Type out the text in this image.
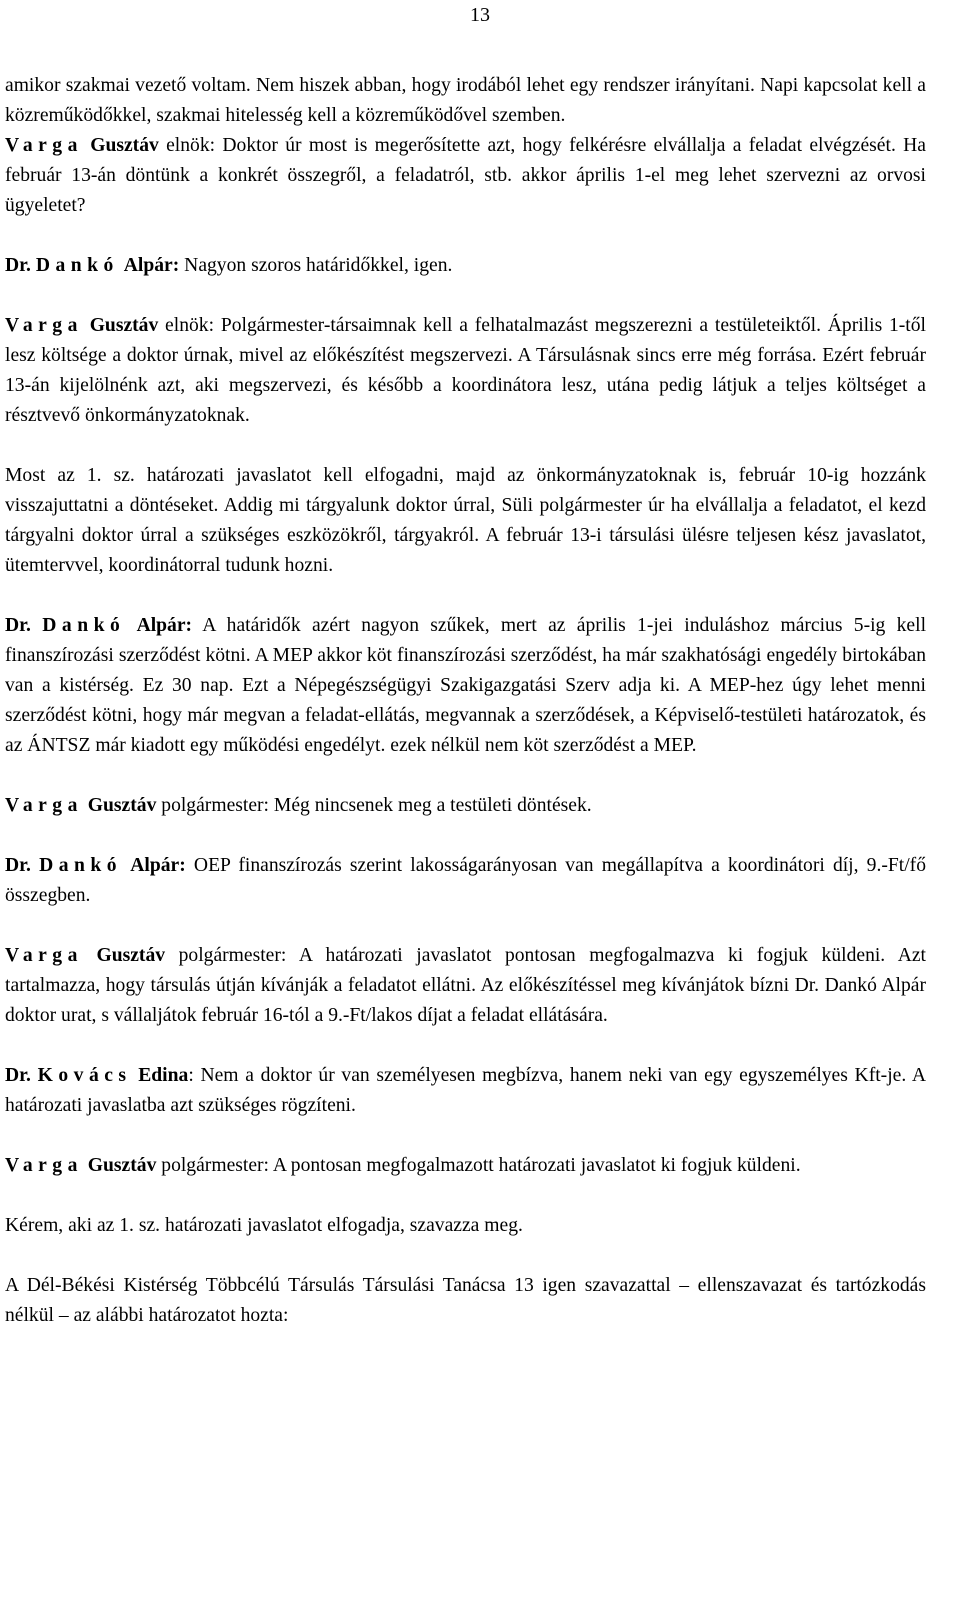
13

amikor szakmai vezető voltam. Nem hiszek abban, hogy irodából lehet egy rendszer irányítani. Napi kapcsolat kell a közreműködőkkel, szakmai hitelesség kell a közreműködővel szemben.

Varga Gusztáv elnök: Doktor úr most is megerősítette azt, hogy felkérésre elvállalja a feladat elvégzését. Ha február 13-án döntünk a konkrét összegről, a feladatról, stb. akkor április 1-el meg lehet szervezni az orvosi ügyeletet?

Dr. Dankó Alpár: Nagyon szoros határidőkkel, igen.

Varga Gusztáv elnök: Polgármester-társaimnak kell a felhatalmazást megszerezni a testületeiktől. Április 1-től lesz költsége a doktor úrnak, mivel az előkészítést megszervezi. A Társulásnak sincs erre még forrása. Ezért február 13-án kijelölnénk azt, aki megszervezi, és később a koordinátora lesz, utána pedig látjuk a teljes költséget a résztvevő önkormányzatoknak.

Most az 1. sz. határozati javaslatot kell elfogadni, majd az önkormányzatoknak is, február 10-ig hozzánk visszajuttatni a döntéseket. Addig mi tárgyalunk doktor úrral, Süli polgármester úr ha elvállalja a feladatot, el kezd tárgyalni doktor úrral a szükséges eszközökről, tárgyakról. A február 13-i társulási ülésre teljesen kész javaslatot, ütemtervvel, koordinátorral tudunk hozni.

Dr. Dankó Alpár: A határidők azért nagyon szűkek, mert az április 1-jei induláshoz március 5-ig kell finanszírozási szerződést kötni. A MEP akkor köt finanszírozási szerződést, ha már szakhatósági engedély birtokában van a kistérség. Ez 30 nap. Ezt a Népegészségügyi Szakigazgatási Szerv adja ki. A MEP-hez úgy lehet menni szerződést kötni, hogy már megvan a feladat-ellátás, megvannak a szerződések, a Képviselő-testületi határozatok, és az ÁNTSZ már kiadott egy működési engedélyt. ezek nélkül nem köt szerződést a MEP.

Varga Gusztáv polgármester: Még nincsenek meg a testületi döntések.

Dr. Dankó Alpár: OEP finanszírozás szerint lakosságarányosan van megállapítva a koordinátori díj, 9.-Ft/fő összegben.

Varga Gusztáv polgármester: A határozati javaslatot pontosan megfogalmazva ki fogjuk küldeni. Azt tartalmazza, hogy társulás útján kívánják a feladatot ellátni. Az előkészítéssel meg kívánjátok bízni Dr. Dankó Alpár doktor urat, s vállaljátok február 16-tól a 9.-Ft/lakos díjat a feladat ellátására.

Dr. Kovács Edina: Nem a doktor úr van személyesen megbízva, hanem neki van egy egyszemélyes Kft-je. A határozati javaslatba azt szükséges rögzíteni.

Varga Gusztáv polgármester: A pontosan megfogalmazott határozati javaslatot ki fogjuk küldeni.

Kérem, aki az 1. sz. határozati javaslatot elfogadja, szavazza meg.

A Dél-Békési Kistérség Többcélú Társulás Társulási Tanácsa 13 igen szavazattal – ellenszavazat és tartózkodás nélkül – az alábbi határozatot hozta:
